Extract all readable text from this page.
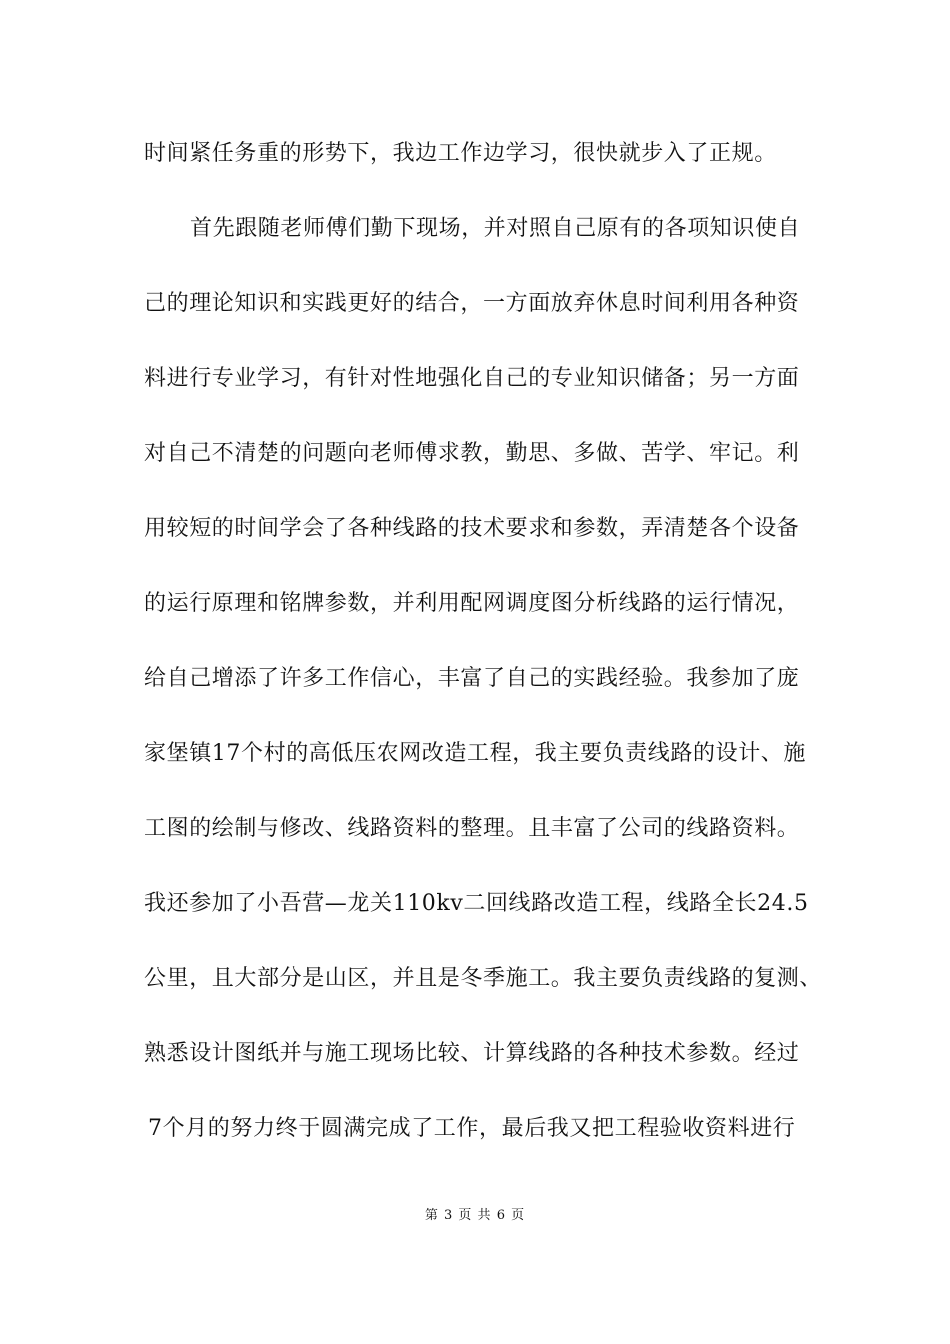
时间紧任务重的形势下，我边工作边学习，很快就步入了正规。
首先跟随老师傅们勤下现场，并对照自己原有的各项知识使自
己的理论知识和实践更好的结合，一方面放弃休息时间利用各种资
料进行专业学习，有针对性地强化自己的专业知识储备；另一方面
对自己不清楚的问题向老师傅求教，勤思、多做、苦学、牢记。利
用较短的时间学会了各种线路的技术要求和参数，弄清楚各个设备
的运行原理和铭牌参数，并利用配网调度图分析线路的运行情况，
给自己增添了许多工作信心，丰富了自己的实践经验。我参加了庞
家堡镇17个村的高低压农网改造工程，我主要负责线路的设计、施
工图的绘制与修改、线路资料的整理。且丰富了公司的线路资料。
我还参加了小吾营—龙关110kv二回线路改造工程，线路全长24.5
公里，且大部分是山区，并且是冬季施工。我主要负责线路的复测、
熟悉设计图纸并与施工现场比较、计算线路的各种技术参数。经过
7个月的努力终于圆满完成了工作，最后我又把工程验收资料进行
第 3 页 共 6 页
